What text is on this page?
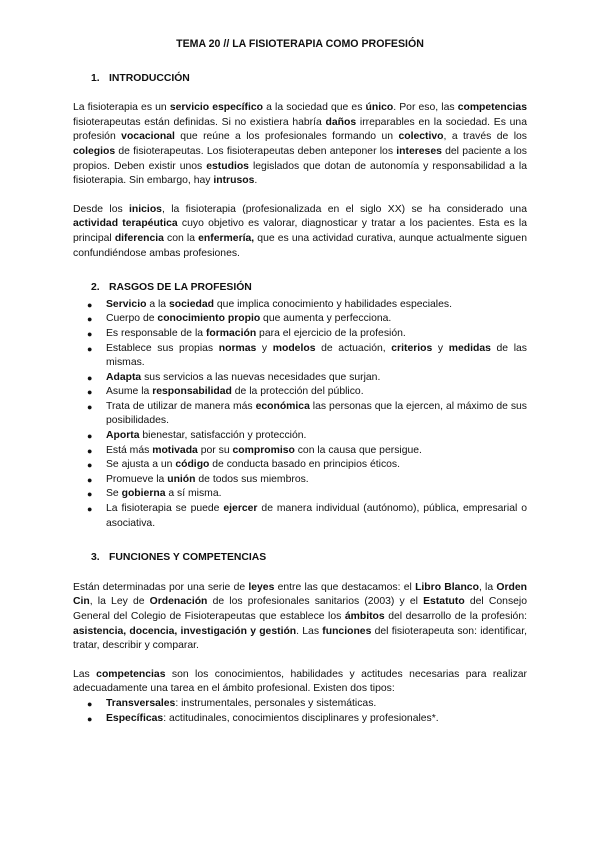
TEMA 20 // LA FISIOTERAPIA COMO PROFESIÓN
1. INTRODUCCIÓN

La fisioterapia es un servicio específico a la sociedad que es único. Por eso, las competencias fisioterapeutas están definidas. Si no existiera habría daños irreparables en la sociedad. Es una profesión vocacional que reúne a los profesionales formando un colectivo, a través de los colegios de fisioterapeutas. Los fisioterapeutas deben anteponer los intereses del paciente a los propios. Deben existir unos estudios legislados que dotan de autonomía y responsabilidad a la fisioterapia. Sin embargo, hay intrusos.

Desde los inicios, la fisioterapia (profesionalizada en el siglo XX) se ha considerado una actividad terapéutica cuyo objetivo es valorar, diagnosticar y tratar a los pacientes. Esta es la principal diferencia con la enfermería, que es una actividad curativa, aunque actualmente siguen confundiéndose ambas profesiones.

2. RASGOS DE LA PROFESIÓN
● Servicio a la sociedad que implica conocimiento y habilidades especiales.
● Cuerpo de conocimiento propio que aumenta y perfecciona.
● Es responsable de la formación para el ejercicio de la profesión.
● Establece sus propias normas y modelos de actuación, criterios y medidas de las mismas.
● Adapta sus servicios a las nuevas necesidades que surjan.
● Asume la responsabilidad de la protección del público.
● Trata de utilizar de manera más económica las personas que la ejercen, al máximo de sus posibilidades.
● Aporta bienestar, satisfacción y protección.
● Está más motivada por su compromiso con la causa que persigue.
● Se ajusta a un código de conducta basado en principios éticos.
● Promueve la unión de todos sus miembros.
● Se gobierna a sí misma.
● La fisioterapia se puede ejercer de manera individual (autónomo), pública, empresarial o asociativa.
3. FUNCIONES Y COMPETENCIAS

Están determinadas por una serie de leyes entre las que destacamos: el Libro Blanco, la Orden Cin, la Ley de Ordenación de los profesionales sanitarios (2003) y el Estatuto del Consejo General del Colegio de Fisioterapeutas que establece los ámbitos del desarrollo de la profesión: asistencia, docencia, investigación y gestión. Las funciones del fisioterapeuta son: identificar, tratar, describir y comparar.

Las competencias son los conocimientos, habilidades y actitudes necesarias para realizar adecuadamente una tarea en el ámbito profesional. Existen dos tipos:

● Transversales: instrumentales, personales y sistemáticas.
● Específicas: actitudinales, conocimientos disciplinares y profesionales*.
